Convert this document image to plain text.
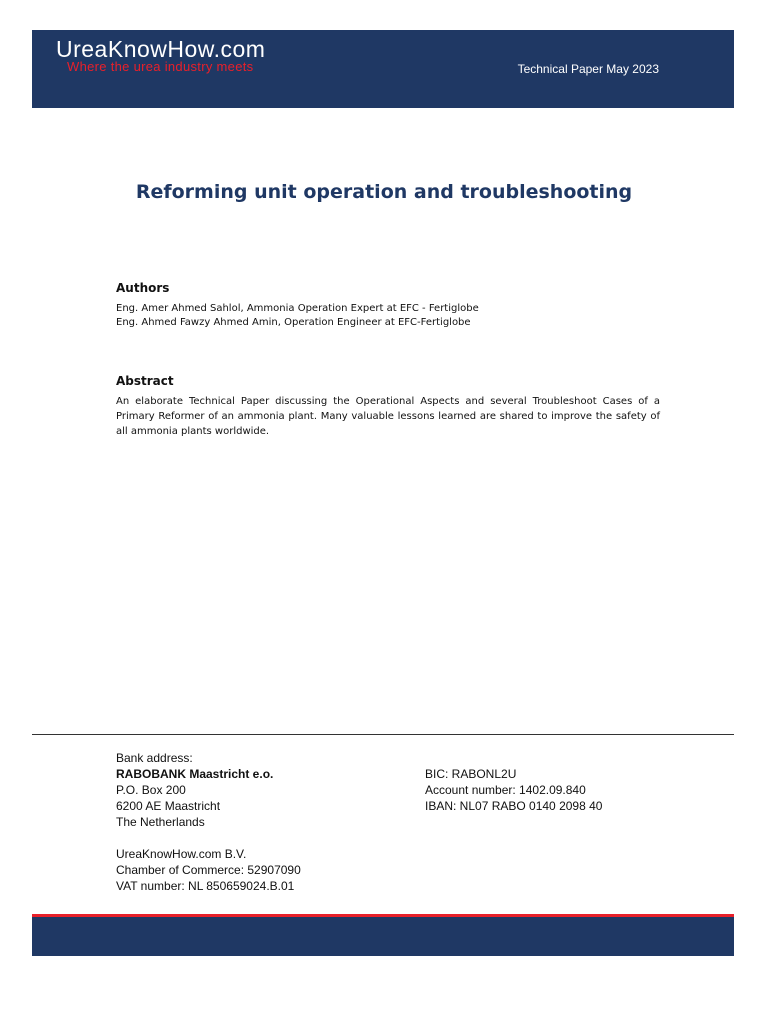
UreaKnowHow.com
Where the urea industry meets	Technical Paper May 2023
Reforming unit operation and troubleshooting
Authors
Eng. Amer Ahmed Sahlol, Ammonia Operation Expert at EFC - Fertiglobe
Eng. Ahmed Fawzy Ahmed Amin, Operation Engineer at EFC-Fertiglobe
Abstract

An elaborate Technical Paper discussing the Operational Aspects and several Troubleshoot Cases of a Primary Reformer of an ammonia plant. Many valuable lessons learned are shared to improve the safety of all ammonia plants worldwide.

Bank address:
RABOBANK Maastricht e.o.
P.O. Box 200
6200 AE Maastricht
The Netherlands
BIC: RABONL2U
Account number: 1402.09.840
IBAN: NL07 RABO 0140 2098 40
UreaKnowHow.com B.V.
Chamber of Commerce: 52907090
VAT number: NL 850659024.B.01
